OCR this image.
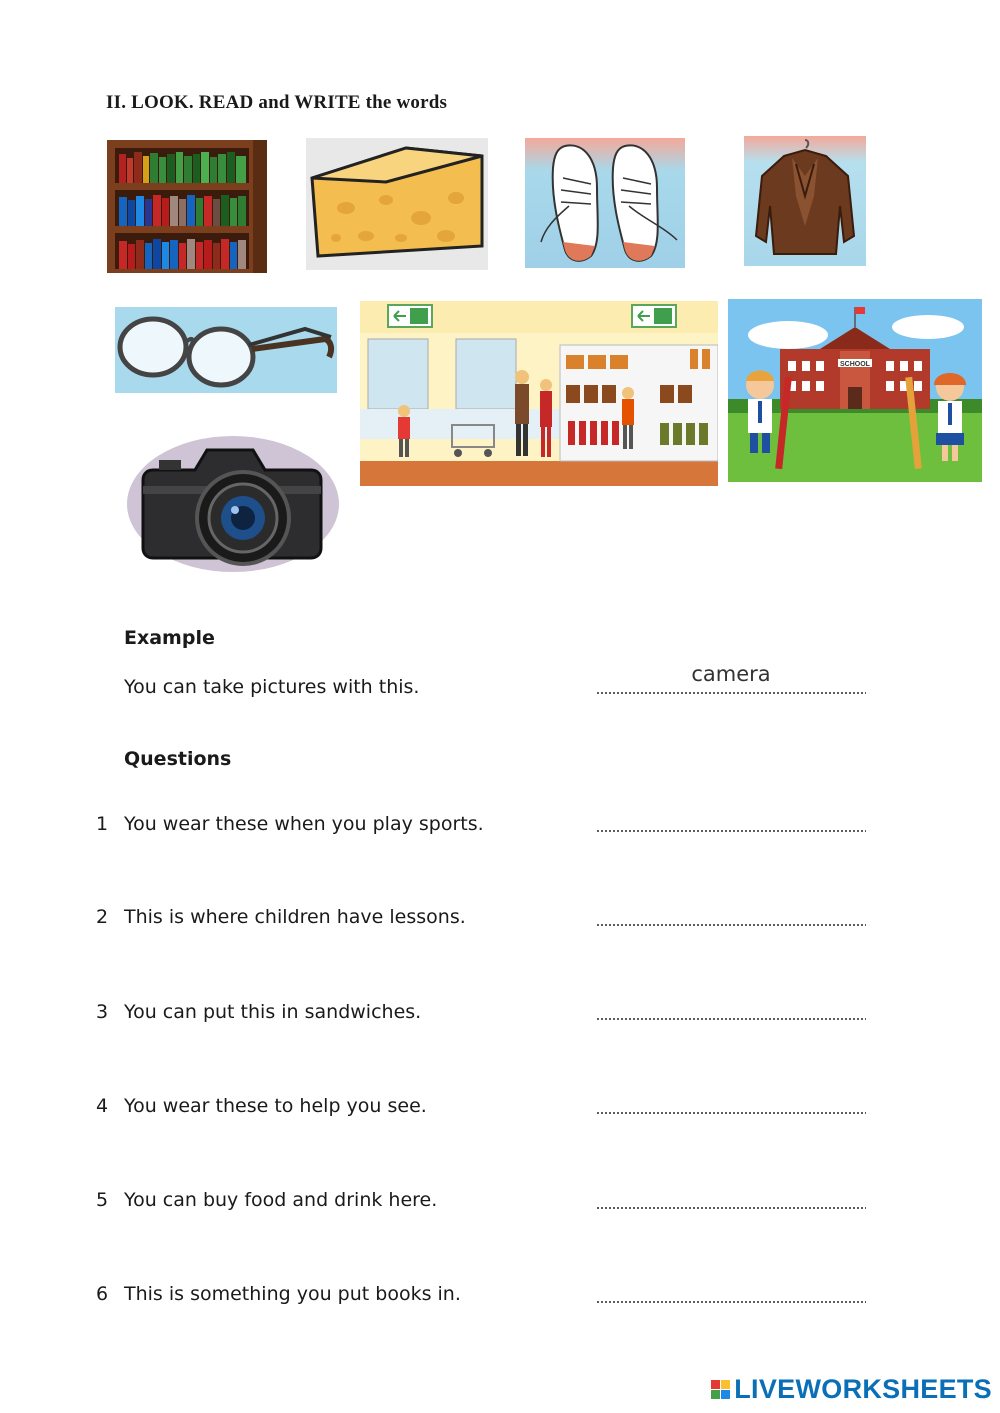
II. LOOK. READ and WRITE the words
SCHOOL
Example
You can take pictures with this.
camera
Questions
1 You wear these when you play sports.
2 This is where children have lessons.
3 You can put this in sandwiches.
4 You wear these to help you see.
5 You can buy food and drink here.
6 This is something you put books in.
LIVEWORKSHEETS
